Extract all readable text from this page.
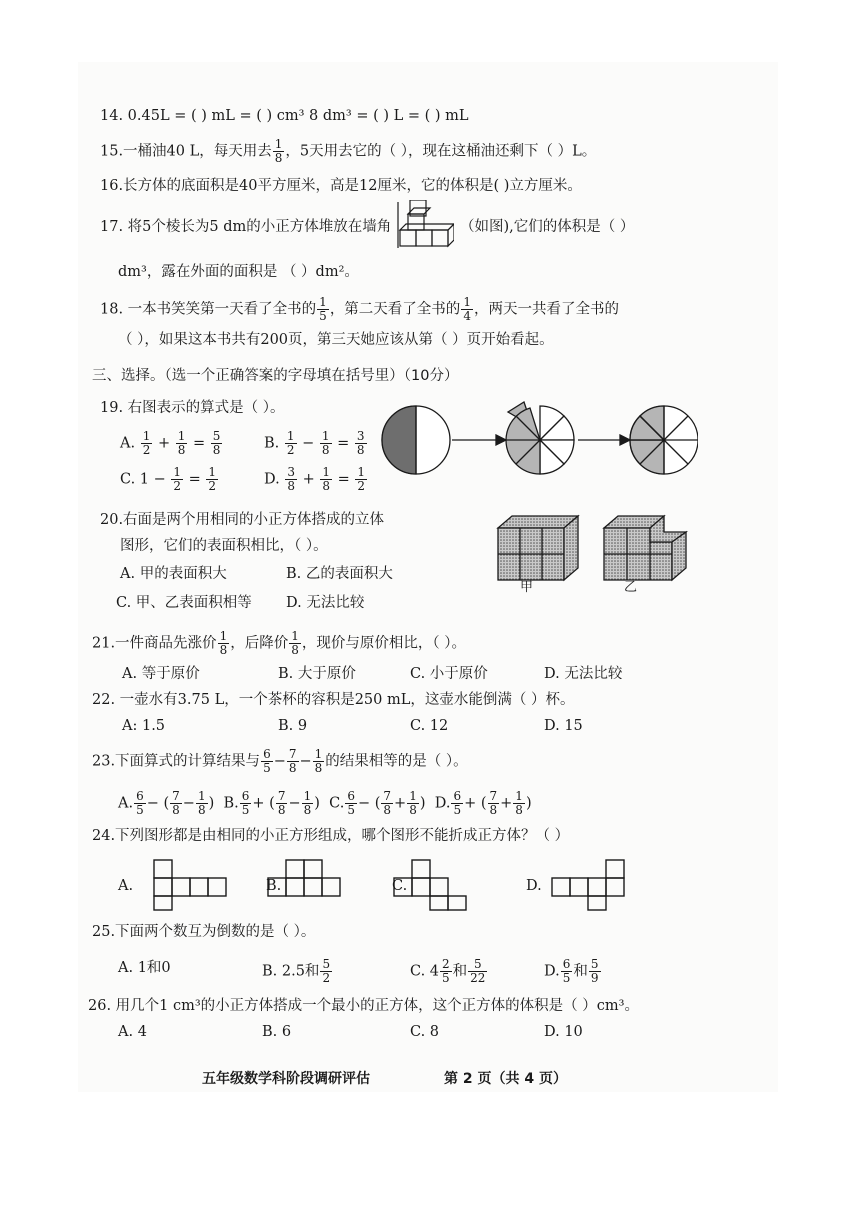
14. 0.45L = ( ) mL = ( ) cm³ 8 dm³ = ( ) L = ( ) mL
15.一桶油40 L，每天用去 $\frac{1}{8}$ ，5天用去它的（ ），现在这桶油还剩下（ ）L。
16.长方体的底面积是40平方厘米，高是12厘米，它的体积是( )立方厘米。
17. 将5个棱长为5 dm的小正方体堆放在墙角	（如图),它们的体积是（ ）
dm³，露在外面的面积是 （ ）dm²。
18. 一本书笑笑第一天看了全书的 $\frac{1}{5}$ ，第二天看了全书的 $\frac{1}{4}$ ，两天一共看了全书的
（ ），如果这本书共有200页，第三天她应该从第（ ）页开始看起。
三、选择。（选一个正确答案的字母填在括号里）（10分）
19. 右图表示的算式是（ ）。
A. $\frac{1}{2} + \frac{1}{8} = \frac{5}{8}$	B. $\frac{1}{2} - \frac{1}{8} = \frac{3}{8}$
C. $1 - \frac{1}{2} = \frac{1}{2}$	D. $\frac{3}{8} + \frac{1}{8} = \frac{1}{2}$
20.右面是两个用相同的小正方体搭成的立体
图形，它们的表面积相比，（ ）。
A. 甲的表面积大	B. 乙的表面积大
C. 甲、乙表面积相等 D. 无法比较
甲	乙
21.一件商品先涨价 $\frac{1}{8}$ ，后降价 $\frac{1}{8}$ ，现价与原价相比，（ ）。
A. 等于原价	B. 大于原价	C. 小于原价	D. 无法比较
22. 一壶水有3.75 L，一个茶杯的容积是250 mL，这壶水能倒满（ ）杯。
A: 1.5	B. 9	C. 12	D. 15
23.下面算式的计算结果与 $\frac{6}{5} - \frac{7}{8} - \frac{1}{8}$ 的结果相等的是（ ）。
A. $\frac{6}{5}$ − ( $\frac{7}{8} - \frac{1}{8}$ )  B. $\frac{6}{5}$ + ( $\frac{7}{8} - \frac{1}{8}$ )  C. $\frac{6}{5}$ − ( $\frac{7}{8} + \frac{1}{8}$ )  D. $\frac{6}{5}$ + ( $\frac{7}{8} + \frac{1}{8}$ )
24.下列图形都是由相同的小正方形组成，哪个图形不能折成正方体？（ ）
A.	B.	C.	D.
25.下面两个数互为倒数的是（ ）。
A. 1和0	B. 2.5和 $\frac{5}{2}$	C. $4 \frac{2}{5}$ 和 $\frac{5}{22}$	D. $\frac{6}{5}$ 和 $\frac{5}{9}$
26. 用几个1 cm³的小正方体搭成一个最小的正方体，这个正方体的体积是（ ）cm³。
A. 4	B. 6	C. 8	D. 10
五年级数学科阶段调研评估	第 2 页（共 4 页）
